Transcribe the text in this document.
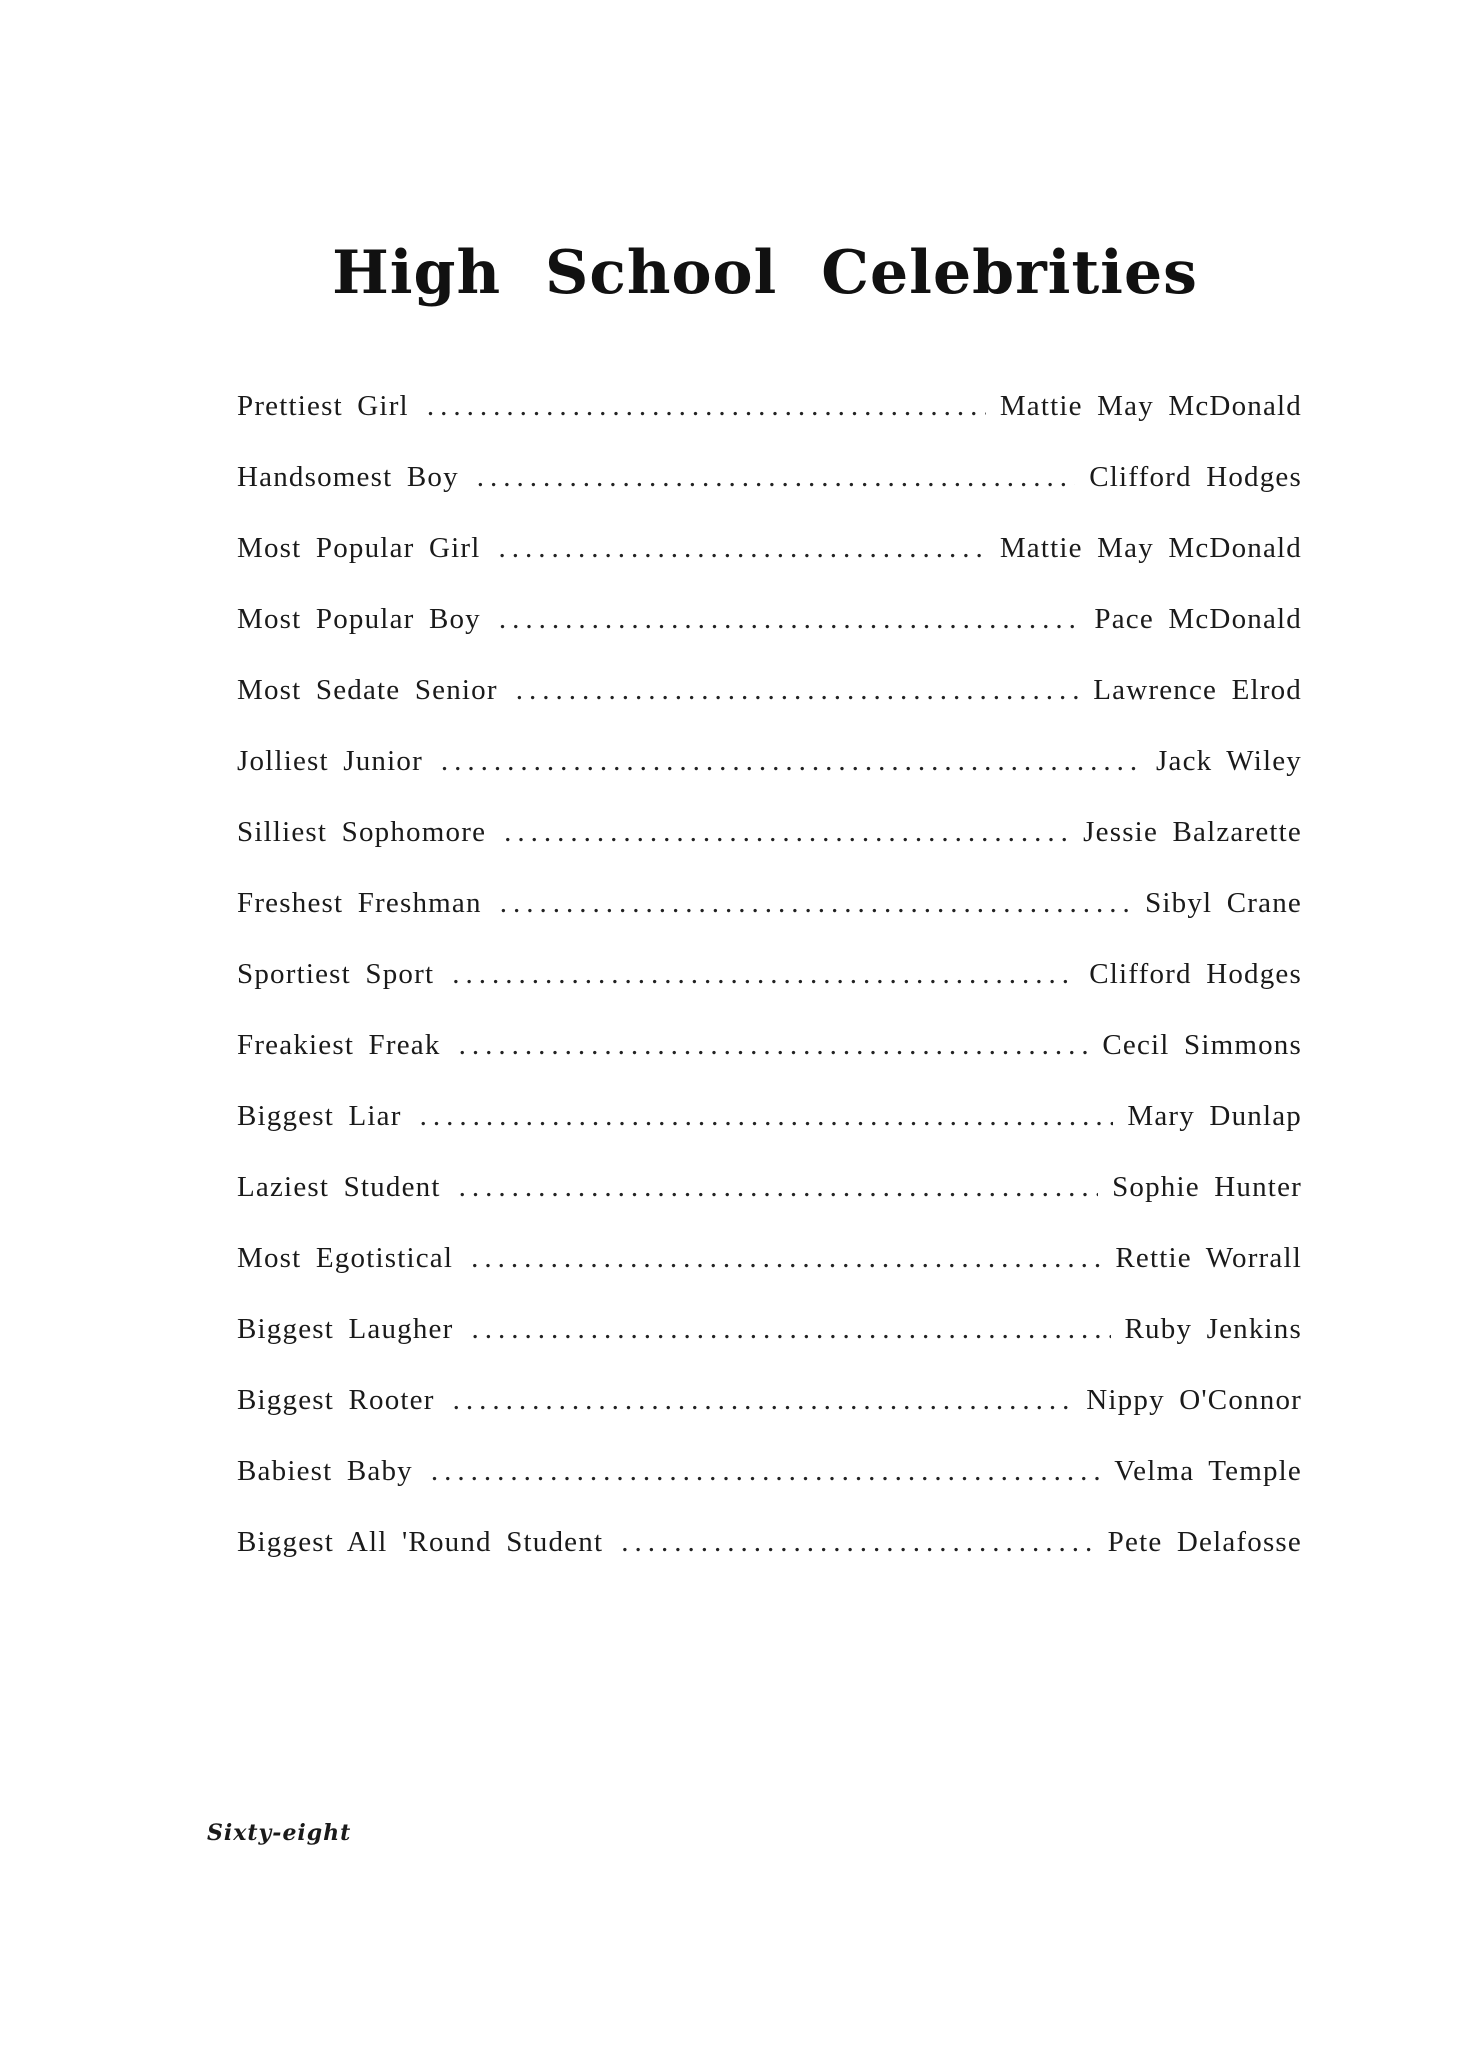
High School Celebrities
Prettiest Girl .....	Mattie May McDonald
Handsomest Boy .....	Clifford Hodges
Most Popular Girl .....	Mattie May McDonald
Most Popular Boy .....	Pace McDonald
Most Sedate Senior .....	Lawrence Elrod
Jolliest Junior .....	Jack Wiley
Silliest Sophomore .....	Jessie Balzarette
Freshest Freshman .....	Sibyl Crane
Sportiest Sport .....	Clifford Hodges
Freakiest Freak .....	Cecil Simmons
Biggest Liar .....	Mary Dunlap
Laziest Student .....	Sophie Hunter
Most Egotistical .....	Rettie Worrall
Biggest Laugher .....	Ruby Jenkins
Biggest Rooter .....	Nippy O'Connor
Babiest Baby .....	Velma Temple
Biggest All 'Round Student .....	Pete Delafosse
Sixty-eight
